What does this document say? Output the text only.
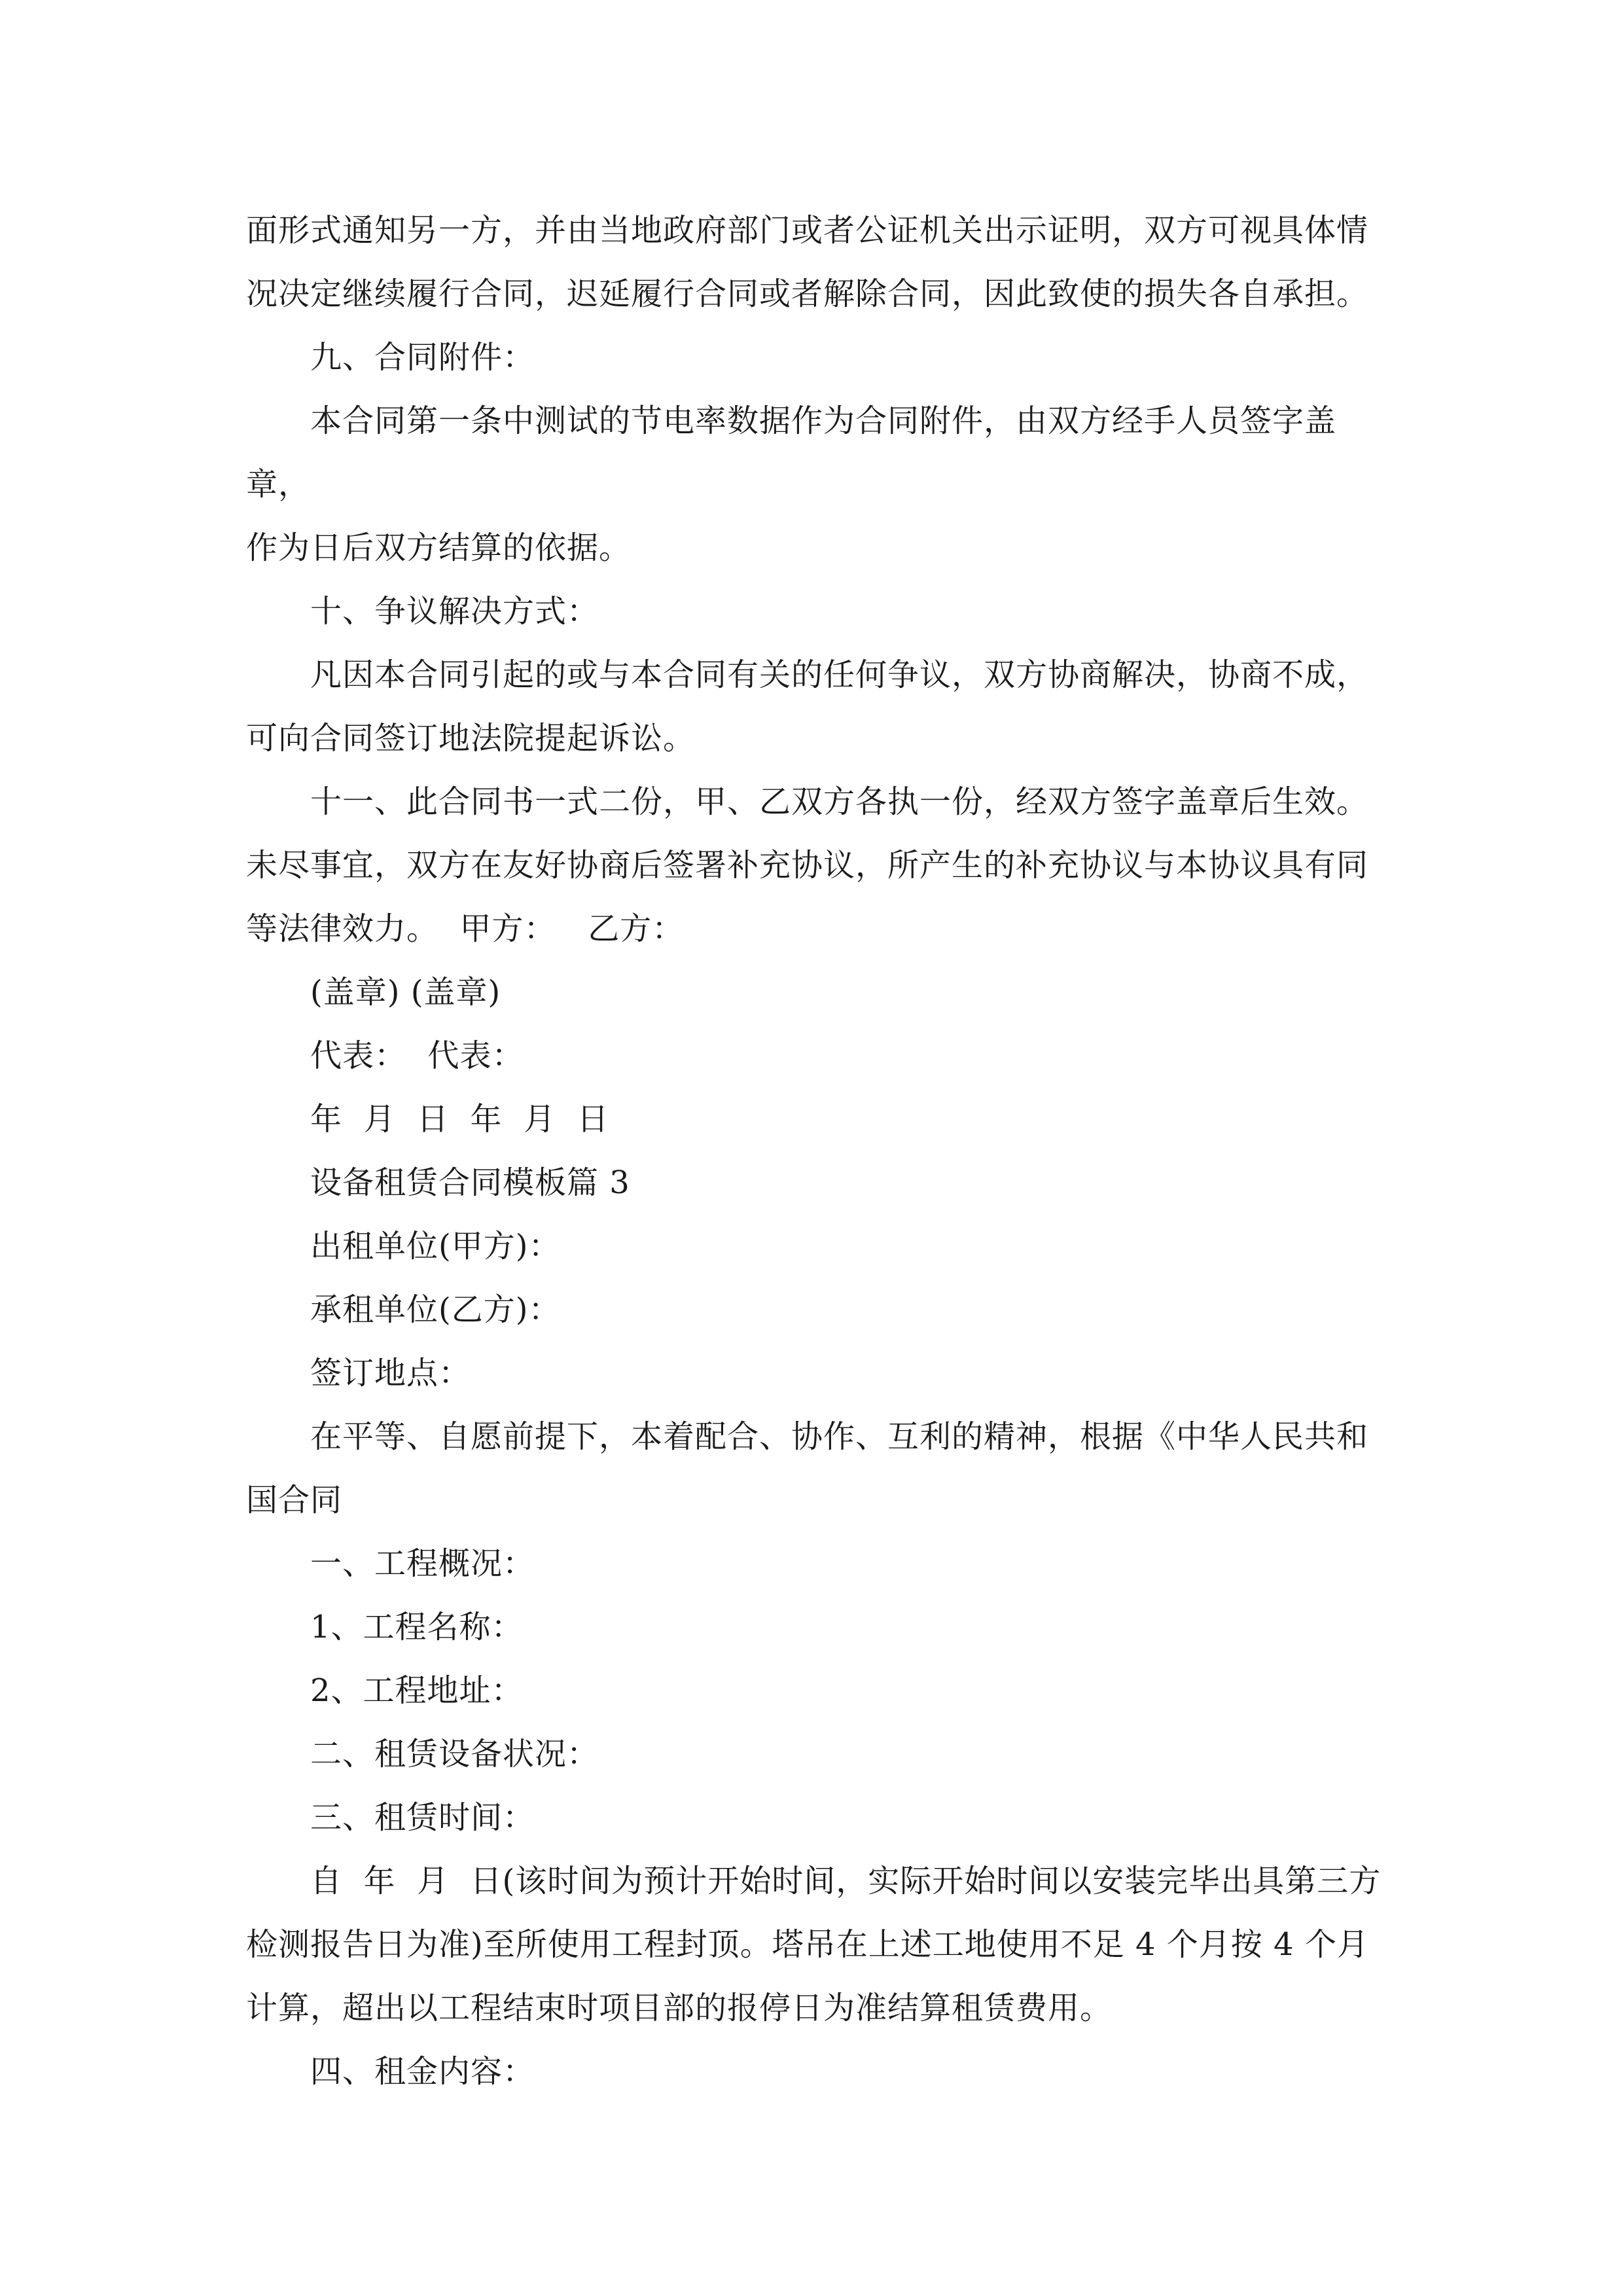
面形式通知另一方，并由当地政府部门或者公证机关出示证明，双方可视具体情
况决定继续履行合同，迟延履行合同或者解除合同，因此致使的损失各自承担。
九、合同附件：
本合同第一条中测试的节电率数据作为合同附件，由双方经手人员签字盖章，
作为日后双方结算的依据。
十、争议解决方式：
凡因本合同引起的或与本合同有关的任何争议，双方协商解决，协商不成，
可向合同签订地法院提起诉讼。
十一、此合同书一式二份，甲、乙双方各执一份，经双方签字盖章后生效。
未尽事宜，双方在友好协商后签署补充协议，所产生的补充协议与本协议具有同
等法律效力。  甲方：   乙方：
(盖章) (盖章)
代表：  代表：
年  月  日  年  月  日
设备租赁合同模板篇 3
出租单位(甲方)：
承租单位(乙方)：
签订地点：
在平等、自愿前提下，本着配合、协作、互利的精神，根据《中华人民共和
国合同
一、工程概况：
1、工程名称：
2、工程地址：
二、租赁设备状况：
三、租赁时间：
自  年  月  日(该时间为预计开始时间，实际开始时间以安装完毕出具第三方
检测报告日为准)至所使用工程封顶。塔吊在上述工地使用不足 4 个月按 4 个月
计算，超出以工程结束时项目部的报停日为准结算租赁费用。
四、租金内容：
